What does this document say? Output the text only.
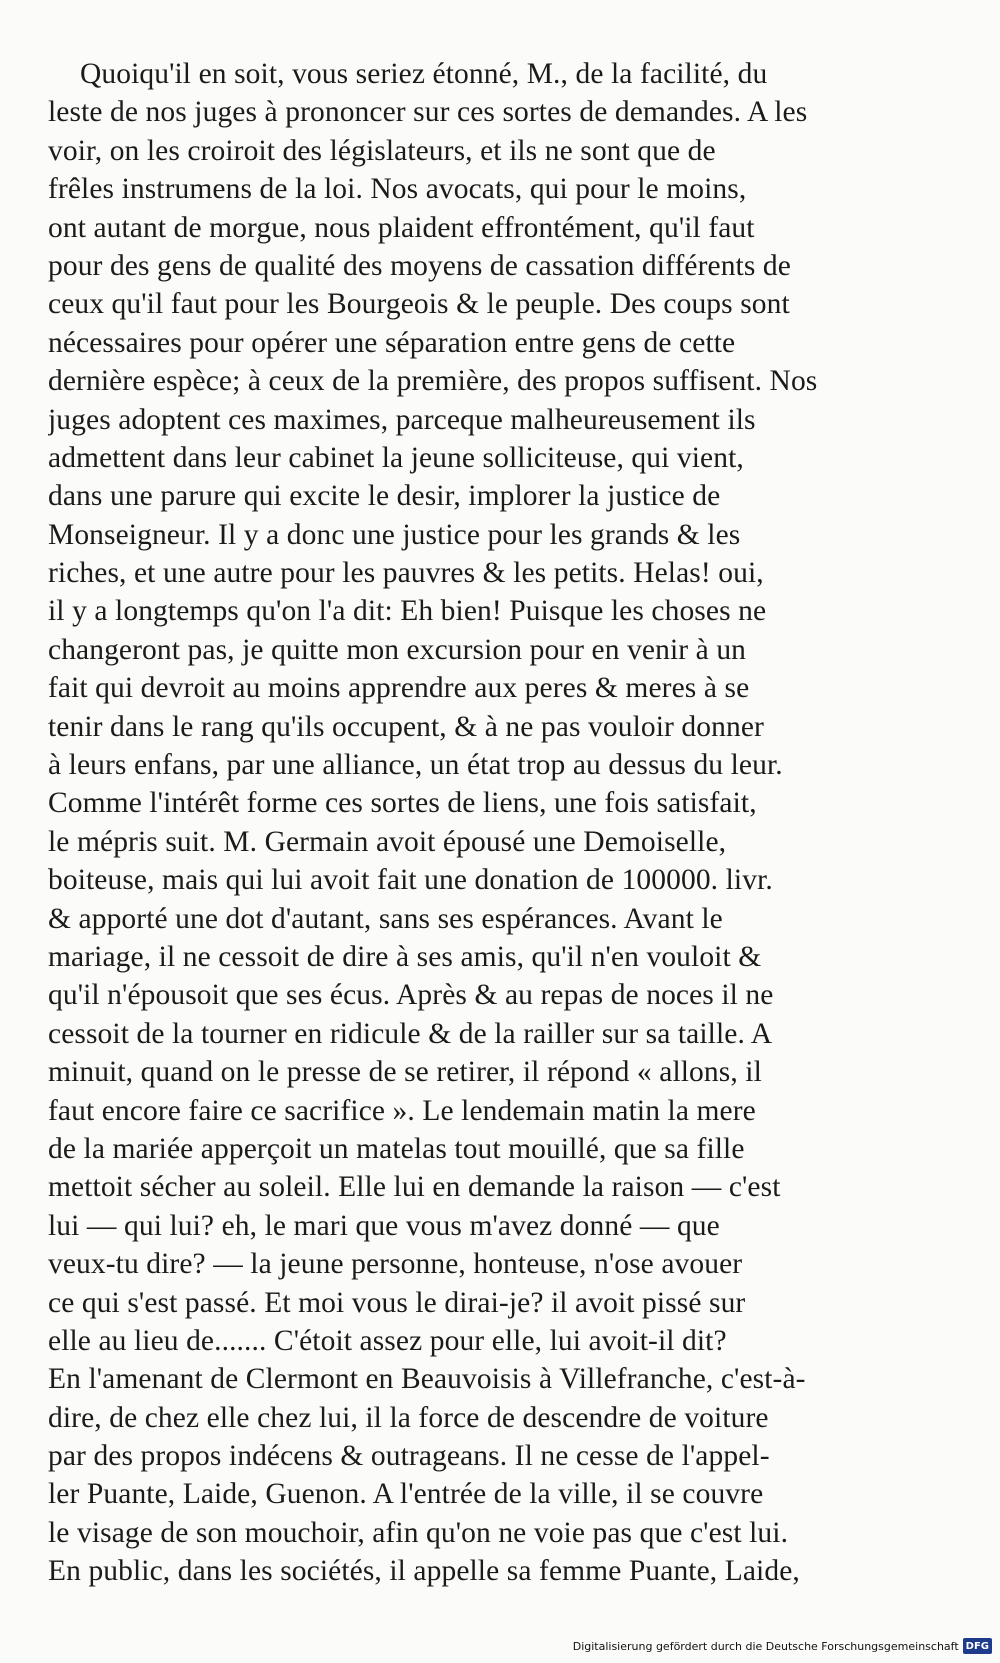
Quoiqu'il en soit, vous seriez étonné, M., de la facilité, du
leste de nos juges à prononcer sur ces sortes de demandes. A les
voir, on les croiroit des législateurs, et ils ne sont que de
frêles instrumens de la loi. Nos avocats, qui pour le moins,
ont autant de morgue, nous plaident effrontément, qu'il faut
pour des gens de qualité des moyens de cassation différents de
ceux qu'il faut pour les Bourgeois & le peuple. Des coups sont
nécessaires pour opérer une séparation entre gens de cette
dernière espèce; à ceux de la première, des propos suffisent. Nos
juges adoptent ces maximes, parceque malheureusement ils
admettent dans leur cabinet la jeune solliciteuse, qui vient,
dans une parure qui excite le desir, implorer la justice de
Monseigneur. Il y a donc une justice pour les grands & les
riches, et une autre pour les pauvres & les petits. Helas! oui,
il y a longtemps qu'on l'a dit: Eh bien! Puisque les choses ne
changeront pas, je quitte mon excursion pour en venir à un
fait qui devroit au moins apprendre aux peres & meres à se
tenir dans le rang qu'ils occupent, & à ne pas vouloir donner
à leurs enfans, par une alliance, un état trop au dessus du leur.
Comme l'intérêt forme ces sortes de liens, une fois satisfait,
le mépris suit. M. Germain avoit épousé une Demoiselle,
boiteuse, mais qui lui avoit fait une donation de 100000. livr.
& apporté une dot d'autant, sans ses espérances. Avant le
mariage, il ne cessoit de dire à ses amis, qu'il n'en vouloit &
qu'il n'épousoit que ses écus. Après & au repas de noces il ne
cessoit de la tourner en ridicule & de la railler sur sa taille. A
minuit, quand on le presse de se retirer, il répond « allons, il
faut encore faire ce sacrifice ». Le lendemain matin la mere
de la mariée apperçoit un matelas tout mouillé, que sa fille
mettoit sécher au soleil. Elle lui en demande la raison — c'est
lui — qui lui? eh, le mari que vous m'avez donné — que
veux-tu dire? — la jeune personne, honteuse, n'ose avouer
ce qui s'est passé. Et moi vous le dirai-je? il avoit pissé sur
elle au lieu de....... C'étoit assez pour elle, lui avoit-il dit?
En l'amenant de Clermont en Beauvoisis à Villefranche, c'est-à-
dire, de chez elle chez lui, il la force de descendre de voiture
par des propos indécens & outrageans. Il ne cesse de l'appel-
ler Puante, Laide, Guenon. A l'entrée de la ville, il se couvre
le visage de son mouchoir, afin qu'on ne voie pas que c'est lui.
En public, dans les sociétés, il appelle sa femme Puante, Laide,
Digitalisierung gefördert durch die Deutsche Forschungsgemeinschaft DFG
